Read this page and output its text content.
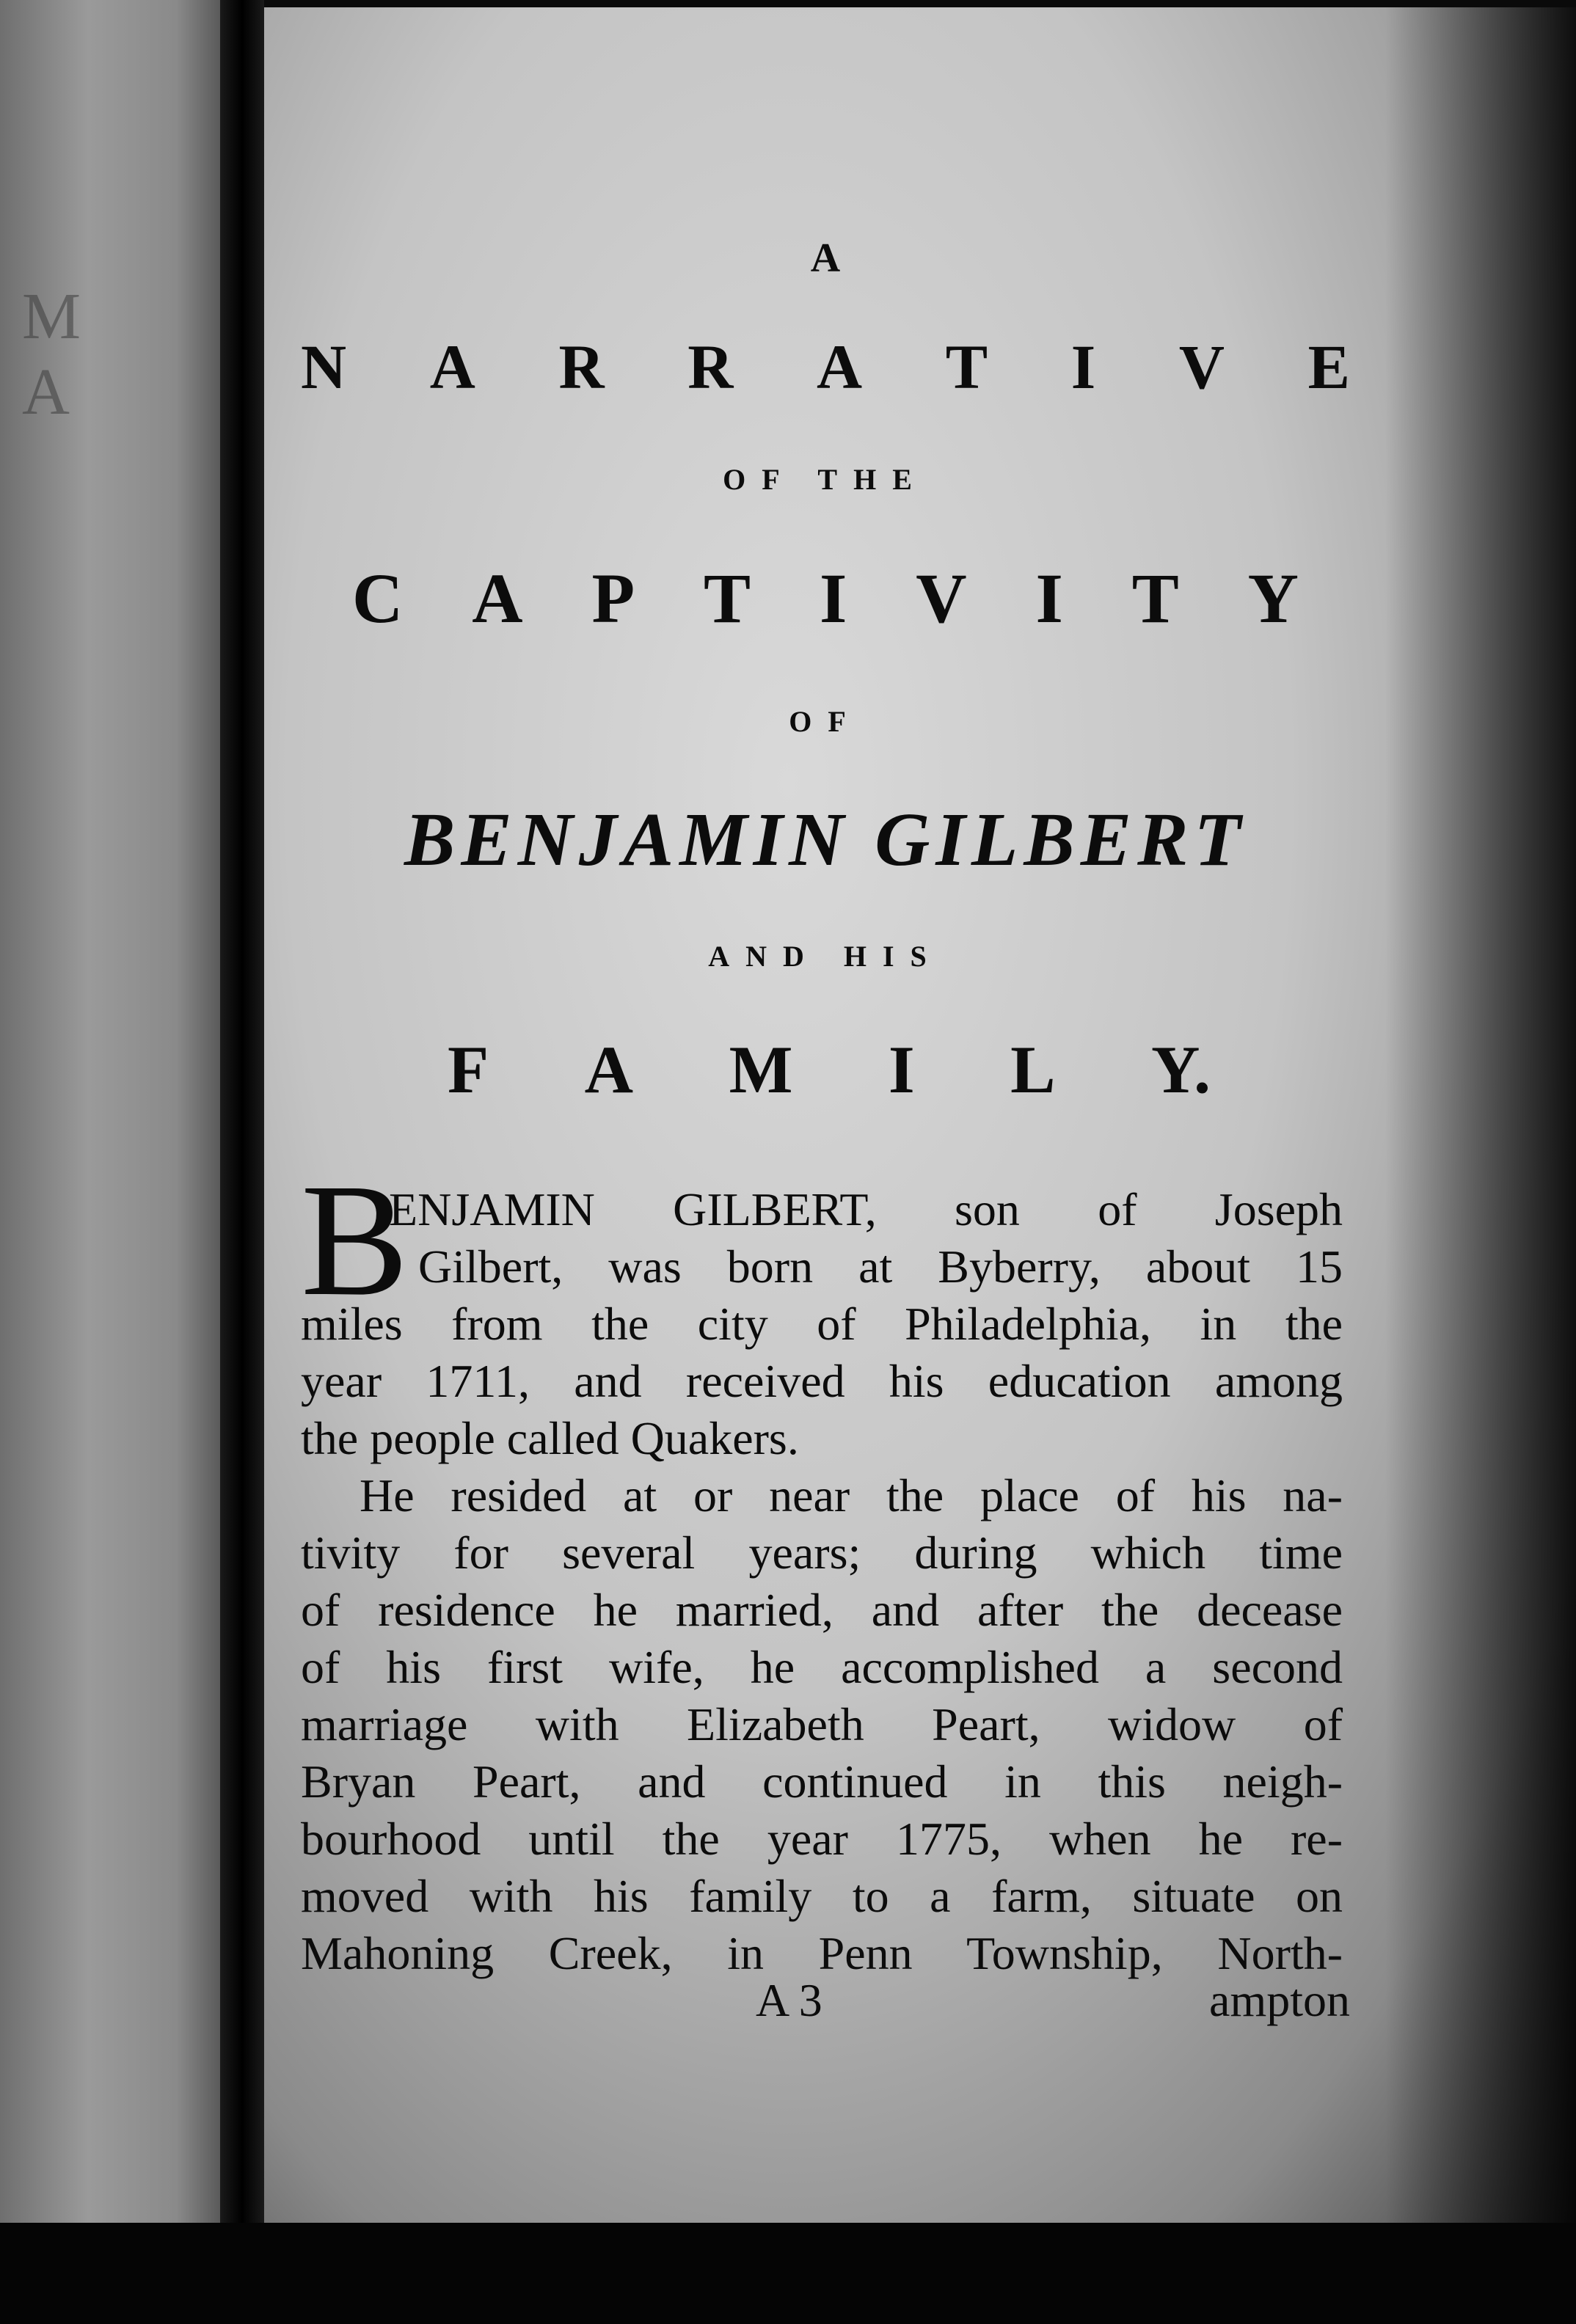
M A
A
N A R R A T I V E
OF THE
C A P T I V I T Y
OF
BENJAMIN GILBERT
AND HIS
F A M I L Y.
B
ENJAMIN GILBERT, son of Joseph
Gilbert, was born at Byberry, about 15
miles from the city of Philadelphia, in the
year 1711, and received his education among
the people called Quakers.
He resided at or near the place of his na-
tivity for several years; during which time
of residence he married, and after the decease
of his first wife, he accomplished a second
marriage with Elizabeth Peart, widow of
Bryan Peart, and continued in this neigh-
bourhood until the year 1775, when he re-
moved with his family to a farm, situate on
Mahoning Creek, in Penn Township, North-
A 3	ampton
